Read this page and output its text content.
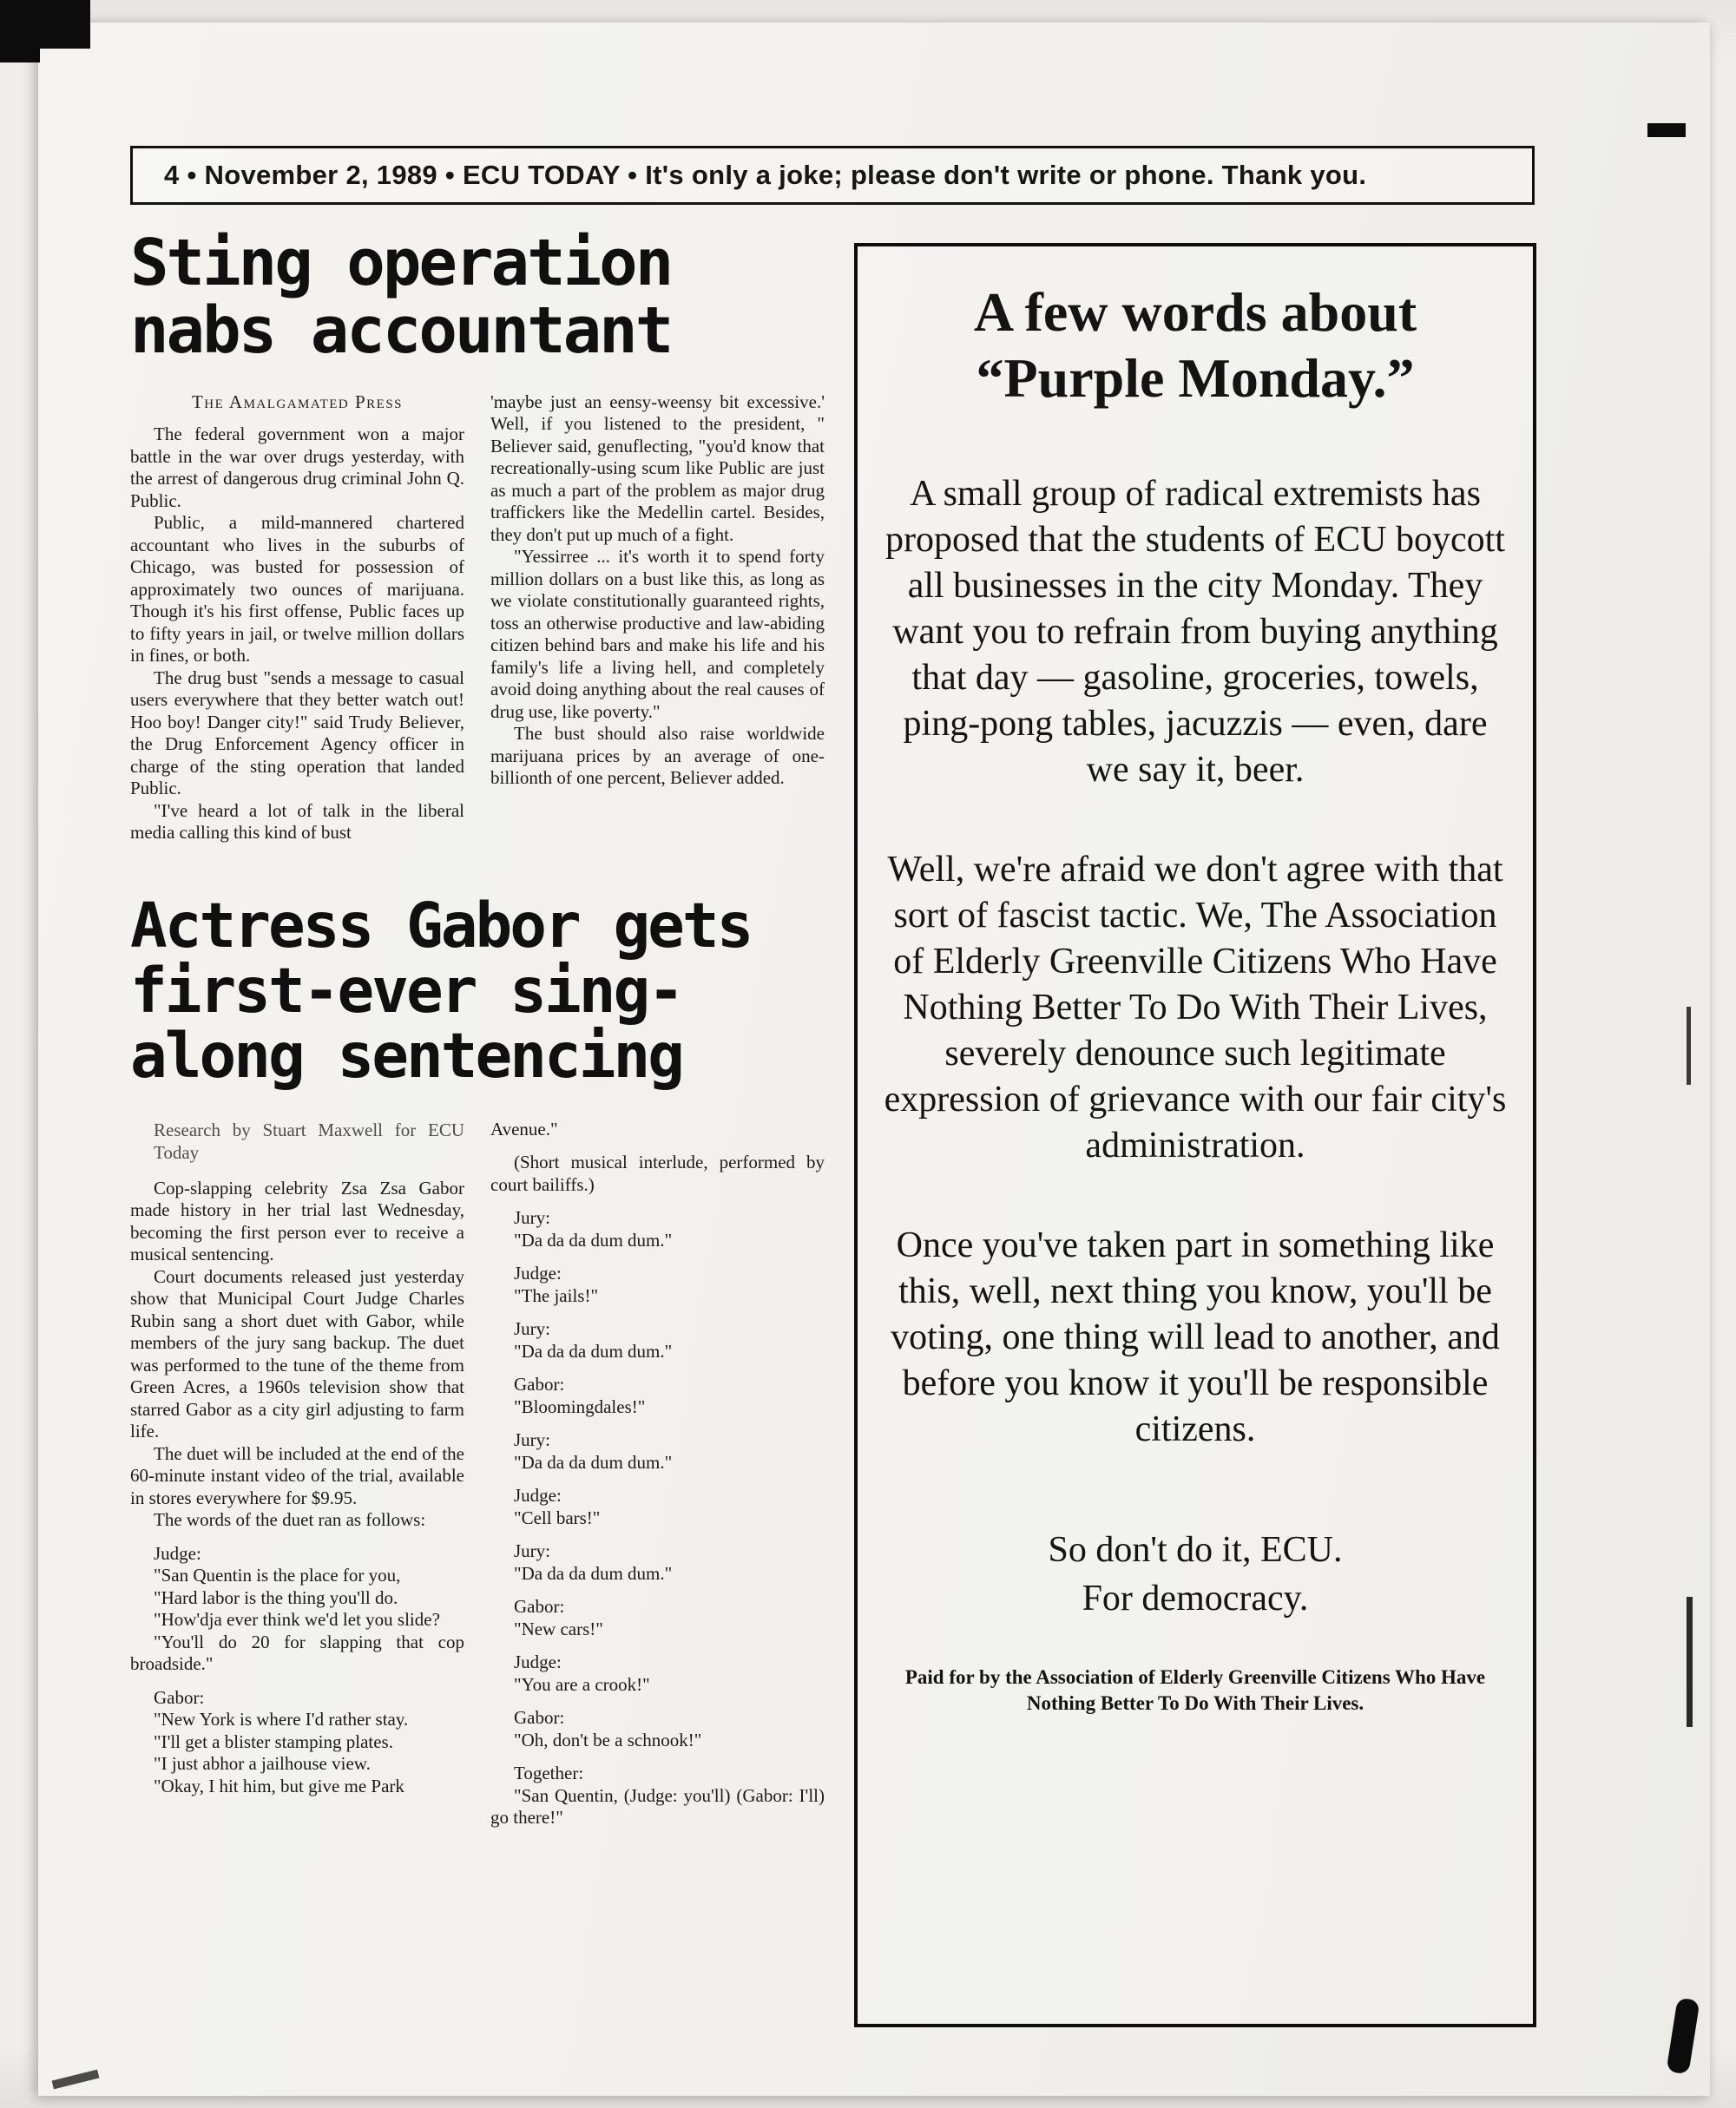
4 • November 2, 1989 • ECU TODAY • It's only a joke; please don't write or phone. Thank you.
Sting operation
nabs accountant

The Amalgamated Press

The federal government won a major battle in the war over drugs yesterday, with the arrest of dangerous drug criminal John Q. Public.

Public, a mild-mannered chartered accountant who lives in the suburbs of Chicago, was busted for possession of approximately two ounces of marijuana. Though it's his first offense, Public faces up to fifty years in jail, or twelve million dollars in fines, or both.

The drug bust "sends a message to casual users everywhere that they better watch out! Hoo boy! Danger city!" said Trudy Believer, the Drug Enforcement Agency officer in charge of the sting operation that landed Public.

"I've heard a lot of talk in the liberal media calling this kind of bust

'maybe just an eensy-weensy bit excessive.' Well, if you listened to the president, " Believer said, genuflecting, "you'd know that recreationally-using scum like Public are just as much a part of the problem as major drug traffickers like the Medellin cartel. Besides, they don't put up much of a fight.

"Yessirree ... it's worth it to spend forty million dollars on a bust like this, as long as we violate constitutionally guaranteed rights, toss an otherwise productive and law-abiding citizen behind bars and make his life and his family's life a living hell, and completely avoid doing anything about the real causes of drug use, like poverty."

The bust should also raise worldwide marijuana prices by an average of one-billionth of one percent, Believer added.

Actress Gabor gets
first-ever sing-
along sentencing

Research by Stuart Maxwell for ECU Today

Cop-slapping celebrity Zsa Zsa Gabor made history in her trial last Wednesday, becoming the first person ever to receive a musical sentencing.

Court documents released just yesterday show that Municipal Court Judge Charles Rubin sang a short duet with Gabor, while members of the jury sang backup. The duet was performed to the tune of the theme from Green Acres, a 1960s television show that starred Gabor as a city girl adjusting to farm life.

The duet will be included at the end of the 60-minute instant video of the trial, available in stores everywhere for $9.95.

The words of the duet ran as follows:

Judge:

"San Quentin is the place for you,

"Hard labor is the thing you'll do.

"How'dja ever think we'd let you slide?

"You'll do 20 for slapping that cop broadside."

Gabor:

"New York is where I'd rather stay.

"I'll get a blister stamping plates.

"I just abhor a jailhouse view.

"Okay, I hit him, but give me Park

Avenue."

(Short musical interlude, performed by court bailiffs.)

Jury:

"Da da da dum dum."

Judge:

"The jails!"

Jury:

"Da da da dum dum."

Gabor:

"Bloomingdales!"

Jury:

"Da da da dum dum."

Judge:

"Cell bars!"

Jury:

"Da da da dum dum."

Gabor:

"New cars!"

Judge:

"You are a crook!"

Gabor:

"Oh, don't be a schnook!"

Together:

"San Quentin, (Judge: you'll) (Gabor: I'll) go there!"

A few words about
“Purple Monday.”

A small group of radical extremists has proposed that the students of ECU boycott all businesses in the city Monday. They want you to refrain from buying anything that day — gasoline, groceries, towels, ping-pong tables, jacuzzis — even, dare we say it, beer.

Well, we're afraid we don't agree with that sort of fascist tactic. We, The Association of Elderly Greenville Citizens Who Have Nothing Better To Do With Their Lives, severely denounce such legitimate expression of grievance with our fair city's administration.

Once you've taken part in something like this, well, next thing you know, you'll be voting, one thing will lead to another, and before you know it you'll be responsible citizens.

So don't do it, ECU.
For democracy.
Paid for by the Association of Elderly Greenville Citizens Who Have Nothing Better To Do With Their Lives.
